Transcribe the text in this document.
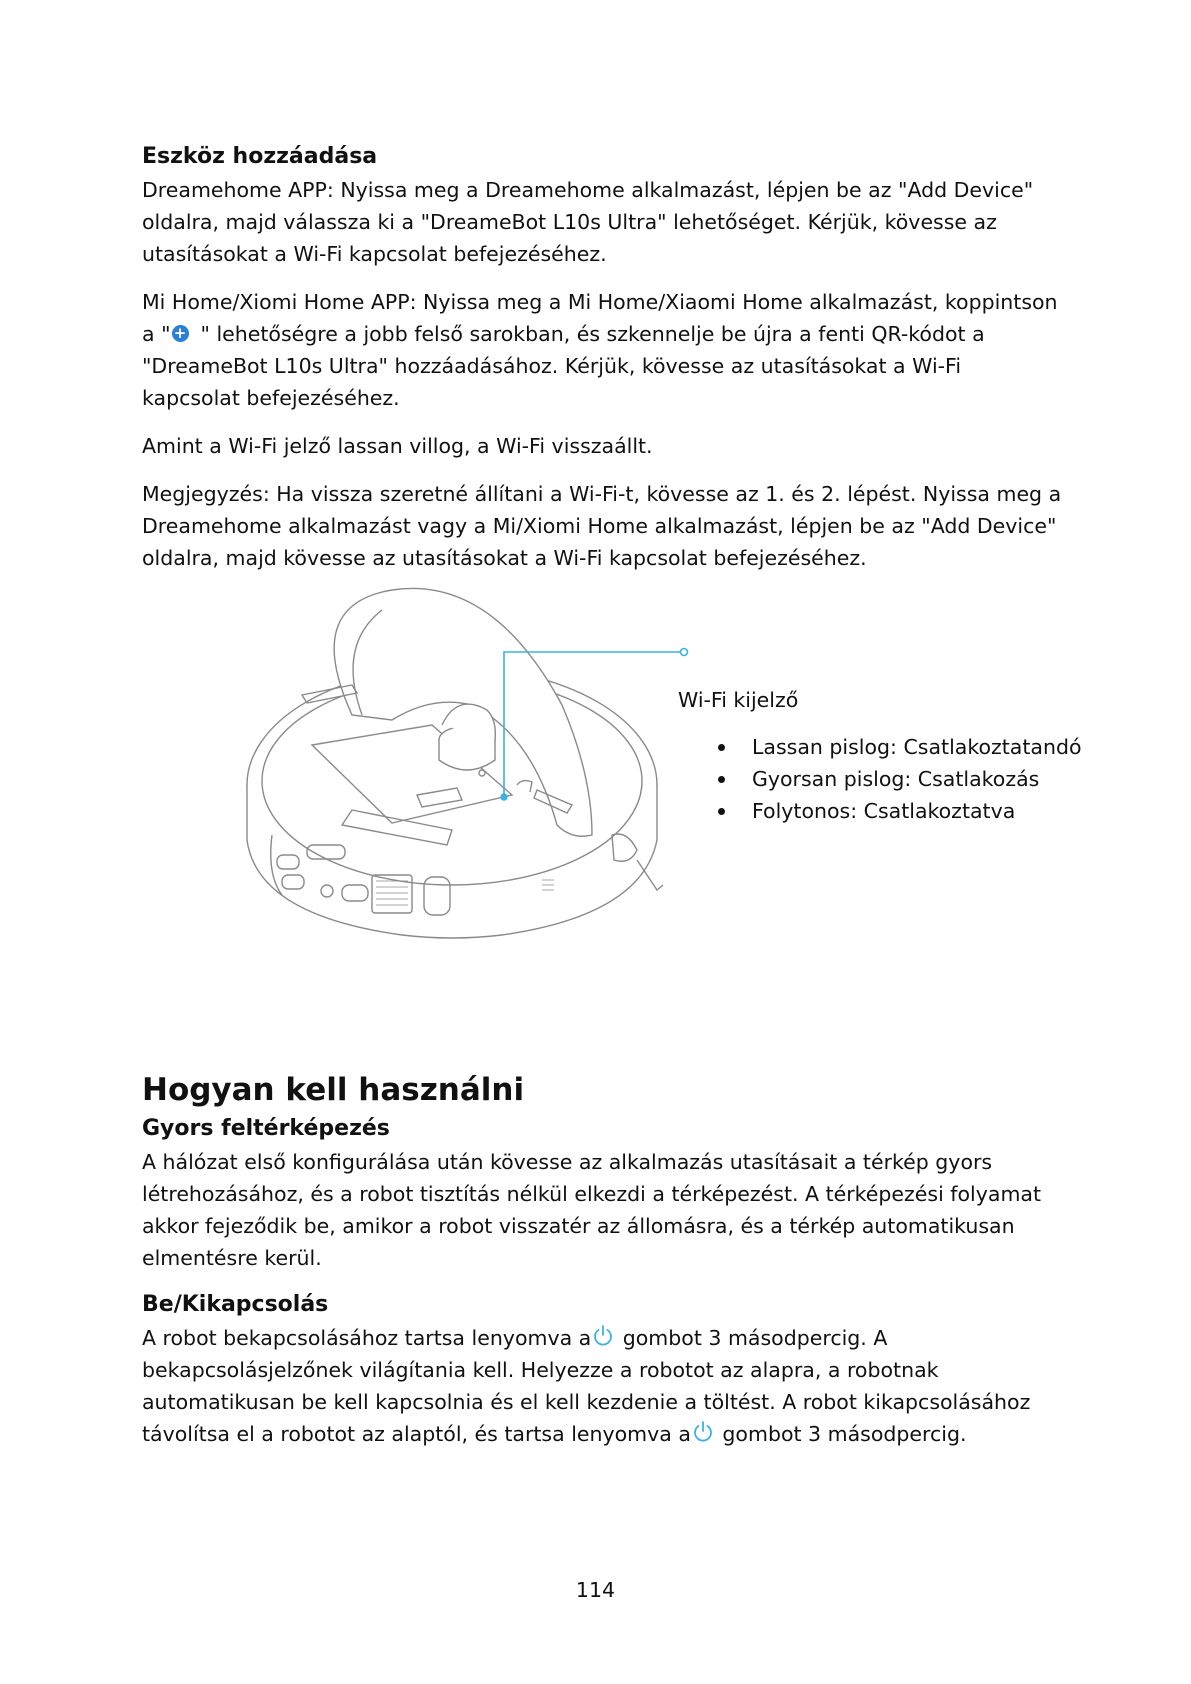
Eszköz hozzáadása

Dreamehome APP: Nyissa meg a Dreamehome alkalmazást, lépjen be az "Add Device" oldalra, majd válassza ki a "DreameBot L10s Ultra" lehetőséget. Kérjük, kövesse az utasításokat a Wi-Fi kapcsolat befejezéséhez.

Mi Home/Xiomi Home APP: Nyissa meg a Mi Home/Xiaomi Home alkalmazást, koppintson a " + " lehetőségre a jobb felső sarokban, és szkennelje be újra a fenti QR-kódot a "DreameBot L10s Ultra" hozzáadásához. Kérjük, kövesse az utasításokat a Wi-Fi kapcsolat befejezéséhez.

Amint a Wi-Fi jelző lassan villog, a Wi-Fi visszaállt.

Megjegyzés: Ha vissza szeretné állítani a Wi-Fi-t, kövesse az 1. és 2. lépést. Nyissa meg a Dreamehome alkalmazást vagy a Mi/Xiomi Home alkalmazást, lépjen be az "Add Device" oldalra, majd kövesse az utasításokat a Wi-Fi kapcsolat befejezéséhez.

Wi-Fi kijelző
Lassan pislog: Csatlakoztatandó
Gyorsan pislog: Csatlakozás
Folytonos: Csatlakoztatva
Hogyan kell használni
Gyors feltérképezés

A hálózat első konfigurálása után kövesse az alkalmazás utasításait a térkép gyors létrehozásához, és a robot tisztítás nélkül elkezdi a térképezést. A térképezési folyamat akkor fejeződik be, amikor a robot visszatér az állomásra, és a térkép automatikusan elmentésre kerül.

Be/Kikapcsolás

A robot bekapcsolásához tartsa lenyomva a gombot 3 másodpercig. A bekapcsolásjelzőnek világítania kell. Helyezze a robotot az alapra, a robotnak automatikusan be kell kapcsolnia és el kell kezdenie a töltést. A robot kikapcsolásához távolítsa el a robotot az alaptól, és tartsa lenyomva a gombot 3 másodpercig.

114
